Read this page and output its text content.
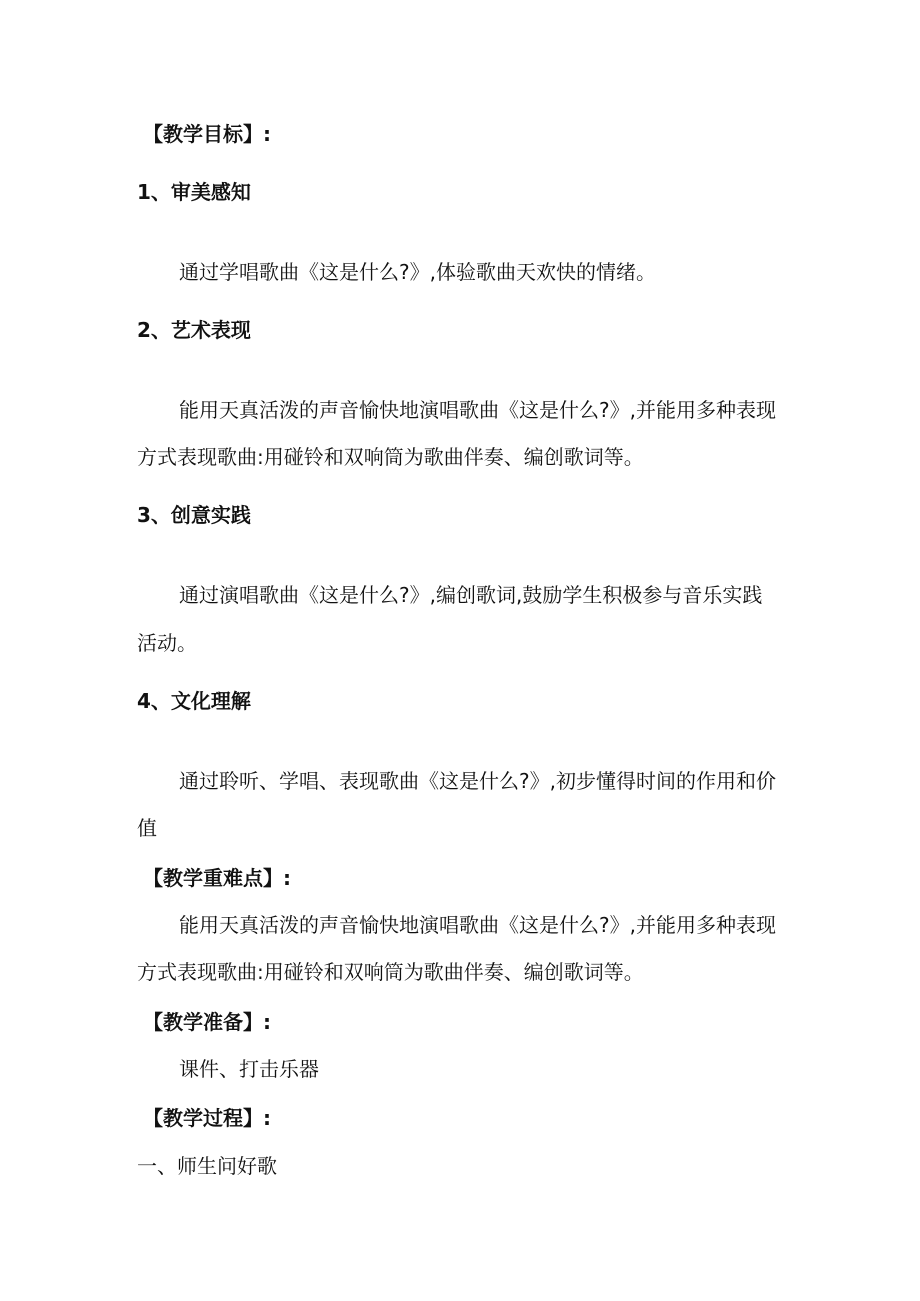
【教学目标】:
1、审美感知
通过学唱歌曲《这是什么?》,体验歌曲天欢快的情绪。
2、艺术表现
能用天真活泼的声音愉快地演唱歌曲《这是什么?》,并能用多种表现
方式表现歌曲:用碰铃和双响筒为歌曲伴奏、编创歌词等。
3、创意实践
通过演唱歌曲《这是什么?》,编创歌词,鼓励学生积极参与音乐实践
活动。
4、文化理解
通过聆听、学唱、表现歌曲《这是什么?》,初步懂得时间的作用和价
值
【教学重难点】:
能用天真活泼的声音愉快地演唱歌曲《这是什么?》,并能用多种表现
方式表现歌曲:用碰铃和双响筒为歌曲伴奏、编创歌词等。
【教学准备】:
课件、打击乐器
【教学过程】:
一、师生问好歌
